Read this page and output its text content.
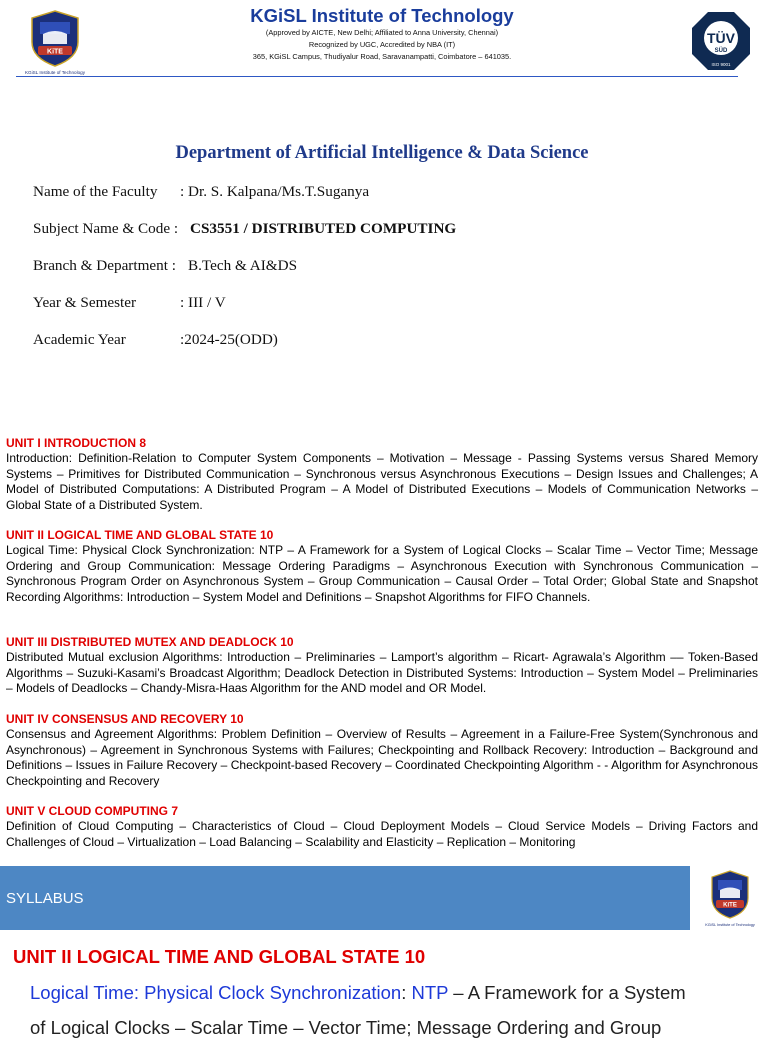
KiTE
KGiSL Institute of Technology
KGiSL Institute of Technology
(Approved by AICTE, New Delhi; Affiliated to Anna University, Chennai)
Recognized by UGC, Accredited by NBA (IT)
365, KGiSL Campus, Thudiyalur Road, Saravanampatti, Coimbatore – 641035.
TÜV
SÜD
ISO 9001
Department of Artificial Intelligence & Data Science
Name of the Faculty : Dr. S. Kalpana/Ms.T.Suganya
Subject Name & Code : CS3551 / DISTRIBUTED COMPUTING
Branch & Department : B.Tech & AI&DS
Year & Semester	: III / V
Academic Year	:2024-25(ODD)
UNIT I INTRODUCTION 8
Introduction: Definition-Relation to Computer System Components – Motivation – Message - Passing Systems versus Shared Memory Systems – Primitives for Distributed Communication – Synchronous versus Asynchronous Executions – Design Issues and Challenges; A Model of Distributed Computations: A Distributed Program – A Model of Distributed Executions – Models of Communication Networks – Global State of a Distributed System.
UNIT II LOGICAL TIME AND GLOBAL STATE 10
Logical Time: Physical Clock Synchronization: NTP – A Framework for a System of Logical Clocks – Scalar Time – Vector Time; Message Ordering and Group Communication: Message Ordering Paradigms – Asynchronous Execution with Synchronous Communication – Synchronous Program Order on Asynchronous System – Group Communication – Causal Order – Total Order; Global State and Snapshot Recording Algorithms: Introduction – System Model and Definitions – Snapshot Algorithms for FIFO Channels.
UNIT III DISTRIBUTED MUTEX AND DEADLOCK 10
Distributed Mutual exclusion Algorithms: Introduction – Preliminaries – Lamport’s algorithm – Ricart- Agrawala’s Algorithm –– Token-Based Algorithms – Suzuki-Kasami’s Broadcast Algorithm; Deadlock Detection in Distributed Systems: Introduction – System Model – Preliminaries – Models of Deadlocks – Chandy-Misra-Haas Algorithm for the AND model and OR Model.
UNIT IV CONSENSUS AND RECOVERY 10
Consensus and Agreement Algorithms: Problem Definition – Overview of Results – Agreement in a Failure-Free System(Synchronous and Asynchronous) – Agreement in Synchronous Systems with Failures; Checkpointing and Rollback Recovery: Introduction – Background and Definitions – Issues in Failure Recovery – Checkpoint-based Recovery – Coordinated Checkpointing Algorithm - - Algorithm for Asynchronous Checkpointing and Recovery
UNIT V CLOUD COMPUTING 7
Definition of Cloud Computing – Characteristics of Cloud – Cloud Deployment Models – Cloud Service Models – Driving Factors and Challenges of Cloud – Virtualization – Load Balancing – Scalability and Elasticity – Replication – Monitoring
SYLLABUS	KiTE
KGiSL Institute of Technology
UNIT II LOGICAL TIME AND GLOBAL STATE 10
Logical Time: Physical Clock Synchronization: NTP – A Framework for a System
of Logical Clocks – Scalar Time – Vector Time; Message Ordering and Group
